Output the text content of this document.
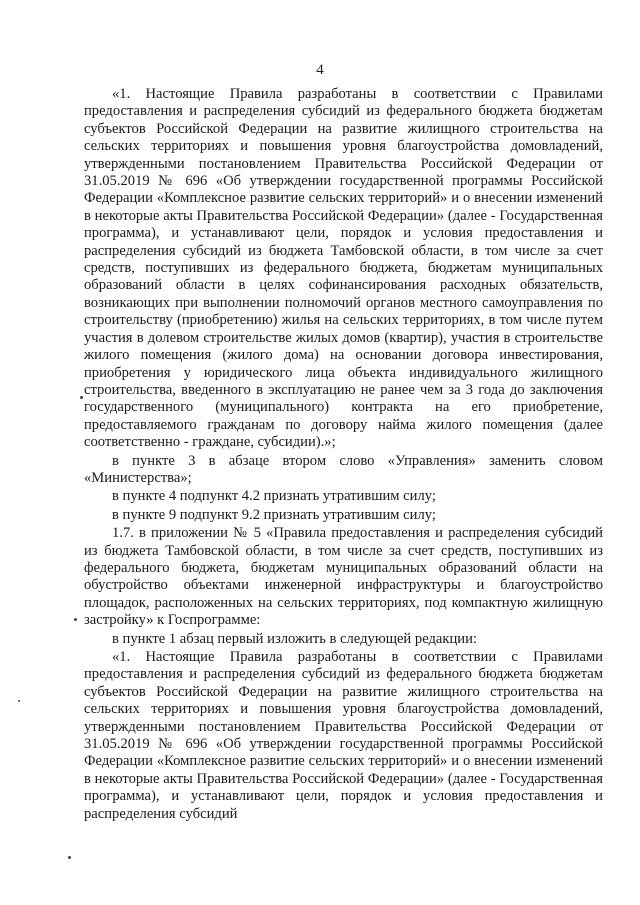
4

«1. Настоящие Правила разработаны в соответствии с Правилами предоставления и распределения субсидий из федерального бюджета бюджетам субъектов Российской Федерации на развитие жилищного строительства на сельских территориях и повышения уровня благоустройства домовладений, утвержденными постановлением Правительства Российской Федерации от 31.05.2019 № 696 «Об утверждении государственной программы Российской Федерации «Комплексное развитие сельских территорий» и о внесении изменений в некоторые акты Правительства Российской Федерации» (далее - Государственная программа), и устанавливают цели, порядок и условия предоставления и распределения субсидий из бюджета Тамбовской области, в том числе за счет средств, поступивших из федерального бюджета, бюджетам муниципальных образований области в целях софинансирования расходных обязательств, возникающих при выполнении полномочий органов местного самоуправления по строительству (приобретению) жилья на сельских территориях, в том числе путем участия в долевом строительстве жилых домов (квартир), участия в строительстве жилого помещения (жилого дома) на основании договора инвестирования, приобретения у юридического лица объекта индивидуального жилищного строительства, введенного в эксплуатацию не ранее чем за 3 года до заключения государственного (муниципального) контракта на его приобретение, предоставляемого гражданам по договору найма жилого помещения (далее соответственно - граждане, субсидии).»;

в пункте 3 в абзаце втором слово «Управления» заменить словом «Министерства»;

в пункте 4 подпункт 4.2 признать утратившим силу;

в пункте 9 подпункт 9.2 признать утратившим силу;

1.7. в приложении № 5 «Правила предоставления и распределения субсидий из бюджета Тамбовской области, в том числе за счет средств, поступивших из федерального бюджета, бюджетам муниципальных образований области на обустройство объектами инженерной инфраструктуры и благоустройство площадок, расположенных на сельских территориях, под компактную жилищную застройку» к Госпрограмме:

в пункте 1 абзац первый изложить в следующей редакции:

«1. Настоящие Правила разработаны в соответствии с Правилами предоставления и распределения субсидий из федерального бюджета бюджетам субъектов Российской Федерации на развитие жилищного строительства на сельских территориях и повышения уровня благоустройства домовладений, утвержденными постановлением Правительства Российской Федерации от 31.05.2019 № 696 «Об утверждении государственной программы Российской Федерации «Комплексное развитие сельских территорий» и о внесении изменений в некоторые акты Правительства Российской Федерации» (далее - Государственная программа), и устанавливают цели, порядок и условия предоставления и распределения субсидий
